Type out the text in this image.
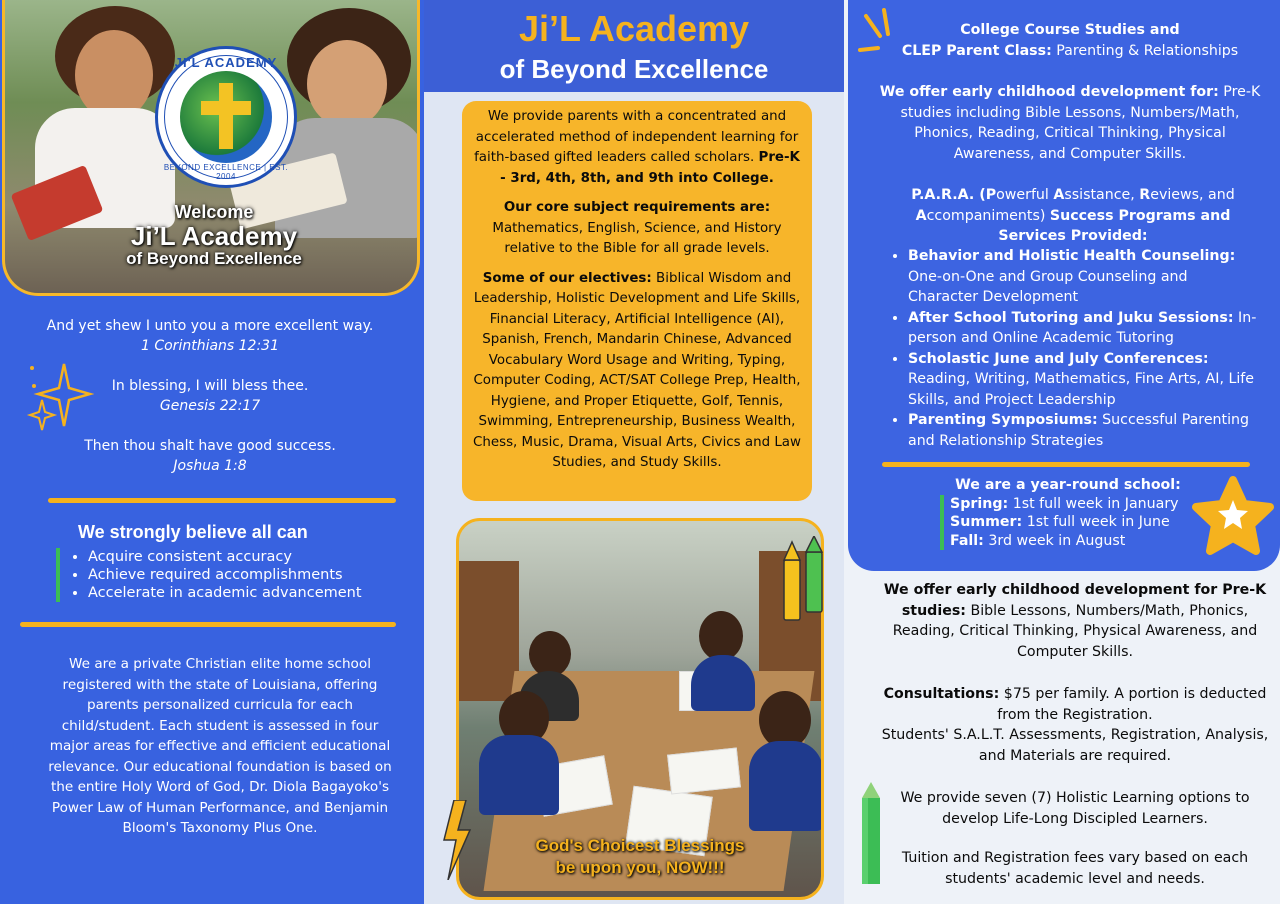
JI'L ACADEMY
BEYOND EXCELLENCE | EST. 2004
Welcome
Ji’L Academy
of Beyond Excellence
And yet shew I unto you a more excellent way.
1 Corinthians 12:31
In blessing, I will bless thee.
Genesis 22:17
Then thou shalt have good success.
Joshua 1:8
We strongly believe all can
• Acquire consistent accuracy
• Achieve required accomplishments
• Accelerate in academic advancement
We are a private Christian elite home school registered with the state of Louisiana, offering parents personalized curricula for each child/student. Each student is assessed in four major areas for effective and efficient educational relevance. Our educational foundation is based on the entire Holy Word of God, Dr. Diola Bagayoko's Power Law of Human Performance, and Benjamin Bloom's Taxonomy Plus One.
Ji’L Academy
of Beyond Excellence

We provide parents with a concentrated and accelerated method of independent learning for faith-based gifted leaders called scholars. Pre-K - 3rd, 4th, 8th, and 9th into College.

Our core subject requirements are: Mathematics, English, Science, and History relative to the Bible for all grade levels.

Some of our electives: Biblical Wisdom and Leadership, Holistic Development and Life Skills, Financial Literacy, Artificial Intelligence (AI), Spanish, French, Mandarin Chinese, Advanced Vocabulary Word Usage and Writing, Typing, Computer Coding, ACT/SAT College Prep, Health, Hygiene, and Proper Etiquette, Golf, Tennis, Swimming, Entrepreneurship, Business Wealth, Chess, Music, Drama, Visual Arts, Civics and Law Studies, and Study Skills.

God's Choicest Blessings
be upon you, NOW!!!
College Course Studies and
CLEP Parent Class: Parenting & Relationships
We offer early childhood development for: Pre-K studies including Bible Lessons, Numbers/Math, Phonics, Reading, Critical Thinking, Physical Awareness, and Computer Skills.
P.A.R.A. (Powerful Assistance, Reviews, and
Accompaniments) Success Programs and Services Provided:
• Behavior and Holistic Health Counseling: One-on-One and Group Counseling and Character Development
• After School Tutoring and Juku Sessions: In-person and Online Academic Tutoring
• Scholastic June and July Conferences: Reading, Writing, Mathematics, Fine Arts, AI, Life Skills, and Project Leadership
• Parenting Symposiums: Successful Parenting and Relationship Strategies
We are a year-round school:
Spring: 1st full week in January
Summer: 1st full week in June
Fall: 3rd week in August
We offer early childhood development for Pre-K studies: Bible Lessons, Numbers/Math, Phonics, Reading, Critical Thinking, Physical Awareness, and Computer Skills.
Consultations: $75 per family. A portion is deducted from the Registration.
Students' S.A.L.T. Assessments, Registration, Analysis, and Materials are required.
We provide seven (7) Holistic Learning options to develop Life-Long Discipled Learners.
Tuition and Registration fees vary based on each students' academic level and needs.
